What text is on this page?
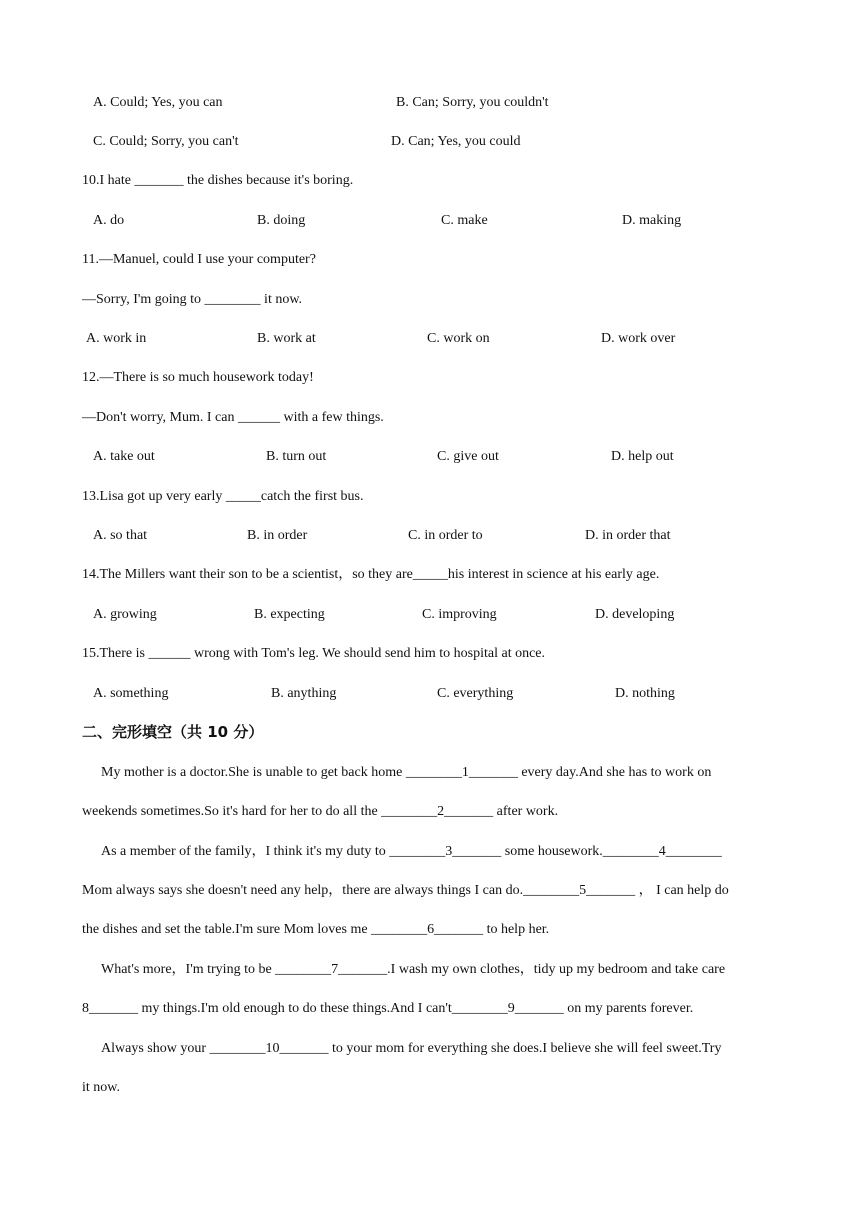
A. Could; Yes, you can	B. Can; Sorry, you couldn't
C. Could; Sorry, you can't	D. Can; Yes, you could
10.I hate _______ the dishes because it's boring.
A. do	B. doing	C. make	D. making
11.—Manuel, could I use your computer?
—Sorry, I'm going to ________ it now.
A. work in	B. work at	C. work on	D. work over
12.—There is so much housework today!
—Don't worry, Mum. I can ______ with a few things.
A. take out	B. turn out	C. give out	D. help out
13.Lisa got up very early _____catch the first bus.
A. so that	B. in order	C. in order to	D. in order that
14.The Millers want their son to be a scientist，so they are_____his interest in science at his early age.
A. growing	B. expecting	C. improving	D. developing
15.There is ______ wrong with Tom's leg. We should send him to hospital at once.
A. something	B. anything	C. everything	D. nothing
二、完形填空（共 10 分）
My mother is a doctor.She is unable to get back home ________1_______ every day.And she has to work on
weekends sometimes.So it's hard for her to do all the ________2_______ after work.
As a member of the family，I think it's my duty to ________3_______ some housework.________4________
Mom always says she doesn't need any help，there are always things I can do.________5_______ ， I can help do
the dishes and set the table.I'm sure Mom loves me ________6_______ to help her.
What's more，I'm trying to be ________7_______.I wash my own clothes，tidy up my bedroom and take care
8_______ my things.I'm old enough to do these things.And I can't________9_______ on my parents forever.
Always show your ________10_______ to your mom for everything she does.I believe she will feel sweet.Try
it now.
